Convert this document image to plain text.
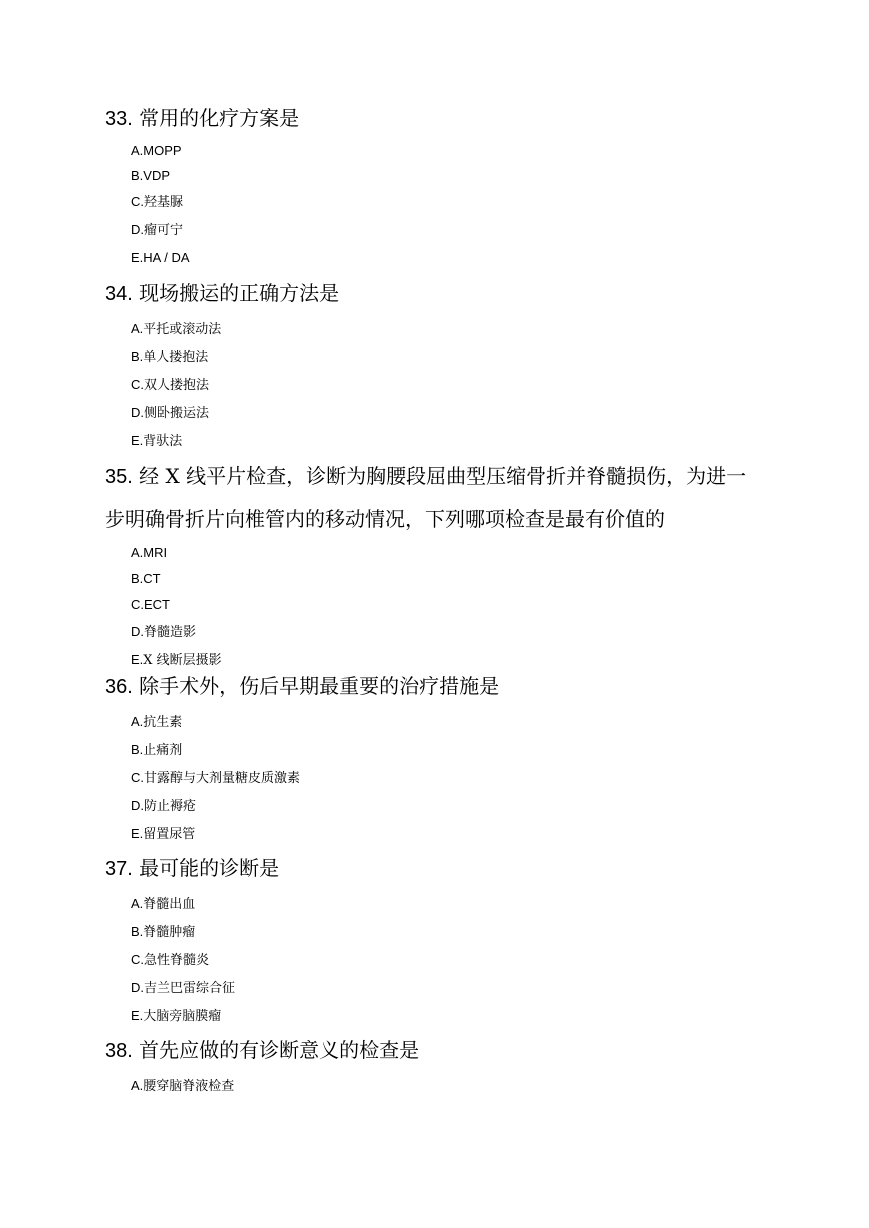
33. 常用的化疗方案是

A.MOPP
B.VDP
C.羟基脲
D.瘤可宁
E.HA / DA

34. 现场搬运的正确方法是

A.平托或滚动法
B.单人搂抱法
C.双人搂抱法
D.侧卧搬运法
E.背驮法

35. 经 X 线平片检查，诊断为胸腰段屈曲型压缩骨折并脊髓损伤，为进一步明确骨折片向椎管内的移动情况，下列哪项检查是最有价值的

A.MRI
B.CT
C.ECT
D.脊髓造影
E.X 线断层摄影

36. 除手术外，伤后早期最重要的治疗措施是

A.抗生素
B.止痛剂
C.甘露醇与大剂量糖皮质激素
D.防止褥疮
E.留置尿管

37. 最可能的诊断是

A.脊髓出血
B.脊髓肿瘤
C.急性脊髓炎
D.吉兰巴雷综合征
E.大脑旁脑膜瘤

38. 首先应做的有诊断意义的检查是

A.腰穿脑脊液检查
